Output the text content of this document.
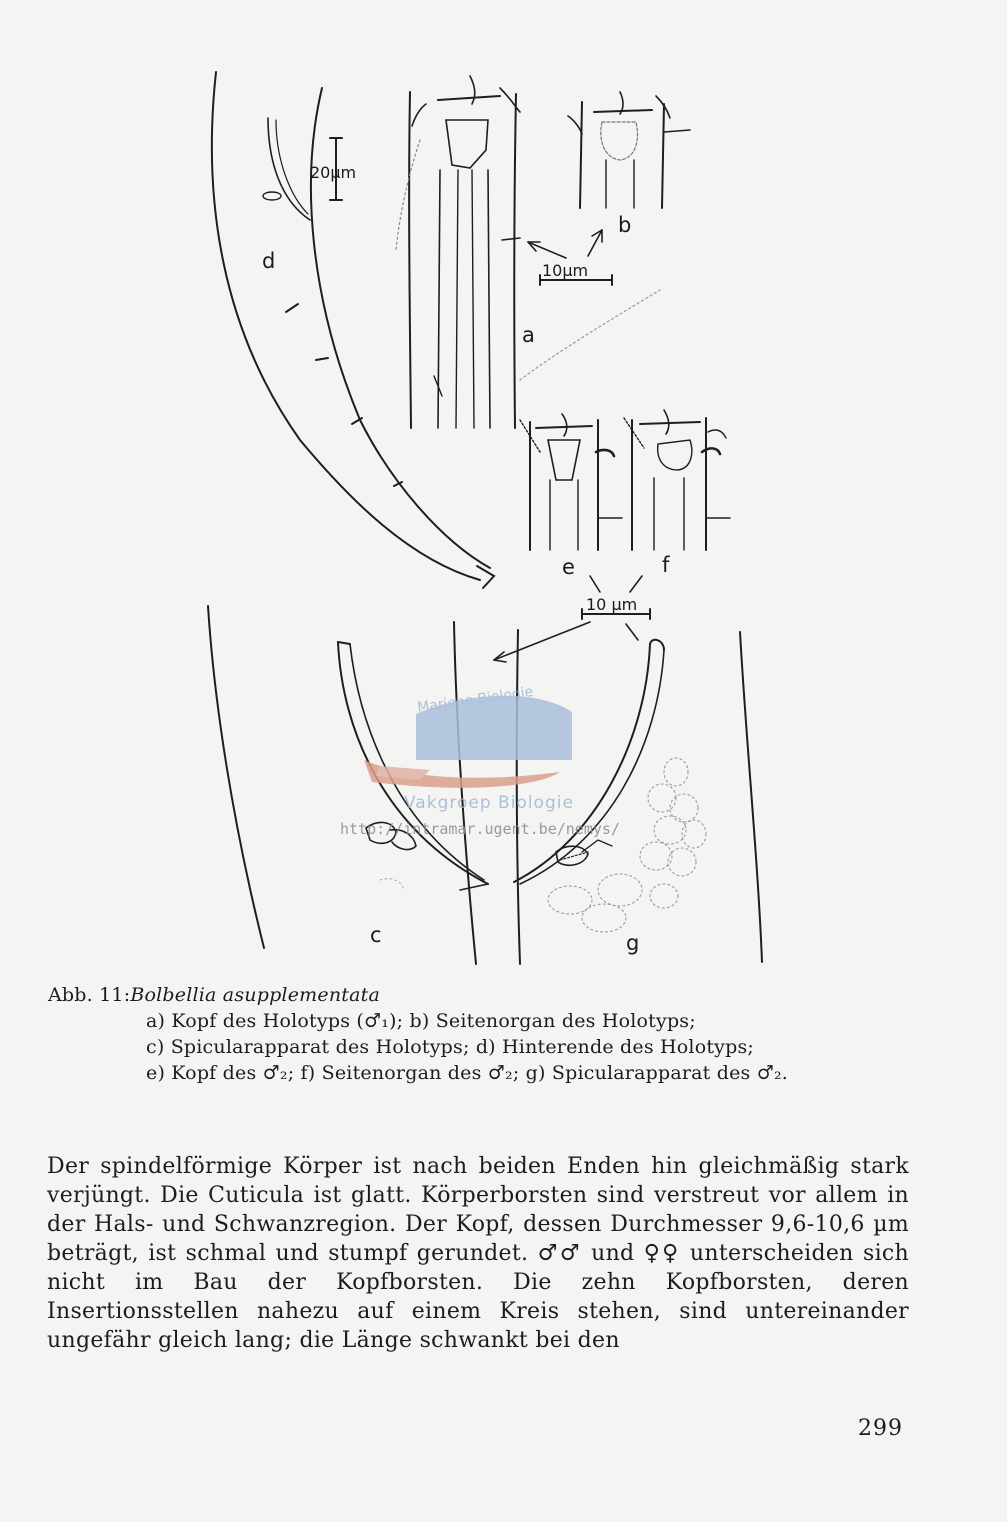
Mariene Biologie
Vakgroep Biologie
http://intramar.ugent.be/nemys/
a
b
c
d
e	f
g
20µm
10µm
10 µm

Abb. 11:Bolbellia asupplementata

a) Kopf des Holotyps (♂₁); b) Seitenorgan des Holotyps;

c) Spicularapparat des Holotyps; d) Hinterende des Holotyps;

e) Kopf des ♂₂; f) Seitenorgan des ♂₂; g) Spicularapparat des ♂₂.

Der spindelförmige Körper ist nach beiden Enden hin gleichmäßig stark verjüngt. Die Cuticula ist glatt. Körperborsten sind verstreut vor allem in der Hals- und Schwanzregion. Der Kopf, dessen Durchmesser 9,6-10,6 µm beträgt, ist schmal und stumpf gerundet. ♂♂ und ♀♀ unterscheiden sich nicht im Bau der Kopfborsten. Die zehn Kopfborsten, deren Insertionsstellen nahezu auf einem Kreis stehen, sind untereinander ungefähr gleich lang; die Länge schwankt bei den

299
